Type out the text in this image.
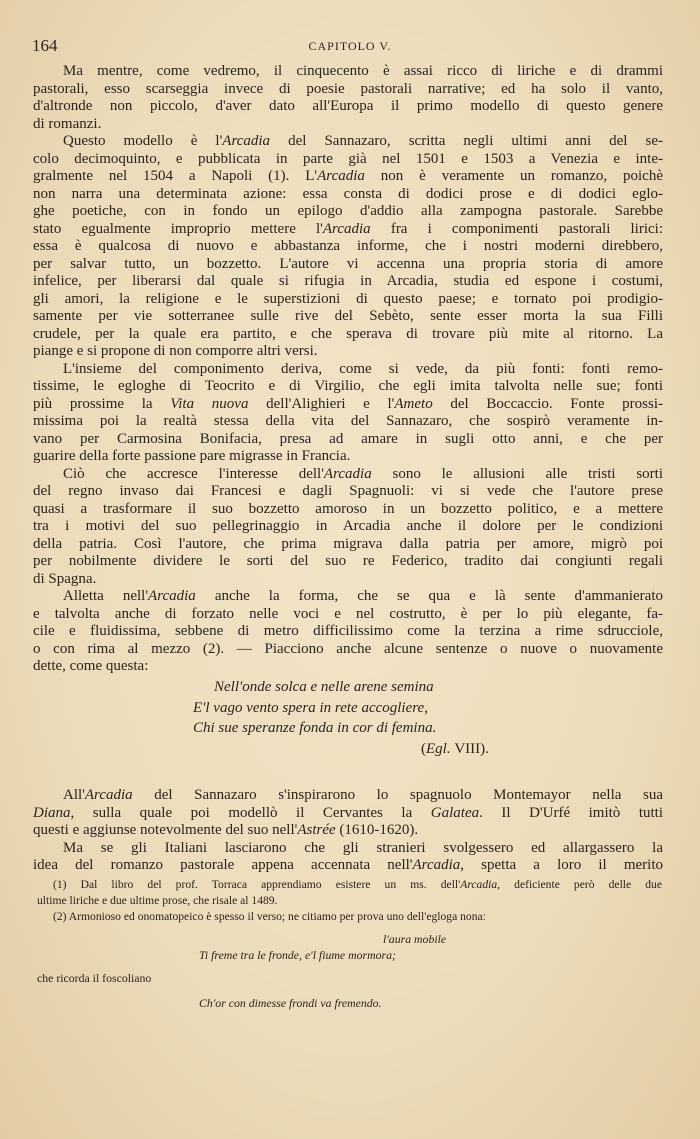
164	CAPITOLO V.
Ma mentre, come vedremo, il cinquecento è assai ricco di liriche e di drammi
pastorali, esso scarseggia invece di poesie pastorali narrative; ed ha solo il vanto,
d'altronde non piccolo, d'aver dato all'Europa il primo modello di questo genere
di romanzi.
Questo modello è l'Arcadia del Sannazaro, scritta negli ultimi anni del se-
colo decimoquinto, e pubblicata in parte già nel 1501 e 1503 a Venezia e inte-
gralmente nel 1504 a Napoli (1). L'Arcadia non è veramente un romanzo, poichè
non narra una determinata azione: essa consta di dodici prose e di dodici eglo-
ghe poetiche, con in fondo un epilogo d'addio alla zampogna pastorale. Sarebbe
stato egualmente improprio mettere l'Arcadia fra i componimenti pastorali lirici:
essa è qualcosa di nuovo e abbastanza informe, che i nostri moderni direbbero,
per salvar tutto, un bozzetto. L'autore vi accenna una propria storia di amore
infelice, per liberarsi dal quale si rifugia in Arcadia, studia ed espone i costumi,
gli amori, la religione e le superstizioni di questo paese; e tornato poi prodigio-
samente per vie sotterranee sulle rive del Sebèto, sente esser morta la sua Filli
crudele, per la quale era partito, e che sperava di trovare più mite al ritorno. La
piange e si propone di non comporre altri versi.
L'insieme del componimento deriva, come si vede, da più fonti: fonti remo-
tissime, le egloghe di Teocrito e di Virgilio, che egli imita talvolta nelle sue; fonti
più prossime la Vita nuova dell'Alighieri e l'Ameto del Boccaccio. Fonte prossi-
missima poi la realtà stessa della vita del Sannazaro, che sospirò veramente in-
vano per Carmosina Bonifacia, presa ad amare in sugli otto anni, e che per
guarire della forte passione pare migrasse in Francia.
Ciò che accresce l'interesse dell'Arcadia sono le allusioni alle tristi sorti
del regno invaso dai Francesi e dagli Spagnuoli: vi si vede che l'autore prese
quasi a trasformare il suo bozzetto amoroso in un bozzetto politico, e a mettere
tra i motivi del suo pellegrinaggio in Arcadia anche il dolore per le condizioni
della patria. Così l'autore, che prima migrava dalla patria per amore, migrò poi
per nobilmente dividere le sorti del suo re Federico, tradito dai congiunti regali
di Spagna.
Alletta nell'Arcadia anche la forma, che se qua e là sente d'ammanierato
e talvolta anche di forzato nelle voci e nel costrutto, è per lo più elegante, fa-
cile e fluidissima, sebbene di metro difficilissimo come la terzina a rime sdrucciole,
o con rima al mezzo (2). — Piacciono anche alcune sentenze o nuove o nuovamente
dette, come questa:
Nell'onde solca e nelle arene semina
E'l vago vento spera in rete accogliere,
Chi sue speranze fonda in cor di femina.
(Egl. VIII).
All'Arcadia del Sannazaro s'inspirarono lo spagnuolo Montemayor nella sua
Diana, sulla quale poi modellò il Cervantes la Galatea. Il D'Urfé imitò tutti
questi e aggiunse notevolmente del suo nell'Astrée (1610-1620).
Ma se gli Italiani lasciarono che gli stranieri svolgessero ed allargassero la
idea del romanzo pastorale appena accennata nell'Arcadia, spetta a loro il merito
(1) Dal libro del prof. Torraca apprendiamo esistere un ms. dell'Arcadia, deficiente però delle due
ultime liriche e due ultime prose, che risale al 1489.
(2) Armonioso ed onomatopeico è spesso il verso; ne citiamo per prova uno dell'egloga nona:
l'aura mobile
Ti freme tra le fronde, e'l fiume mormora;
che ricorda il foscoliano
Ch'or con dimesse frondi va fremendo.
